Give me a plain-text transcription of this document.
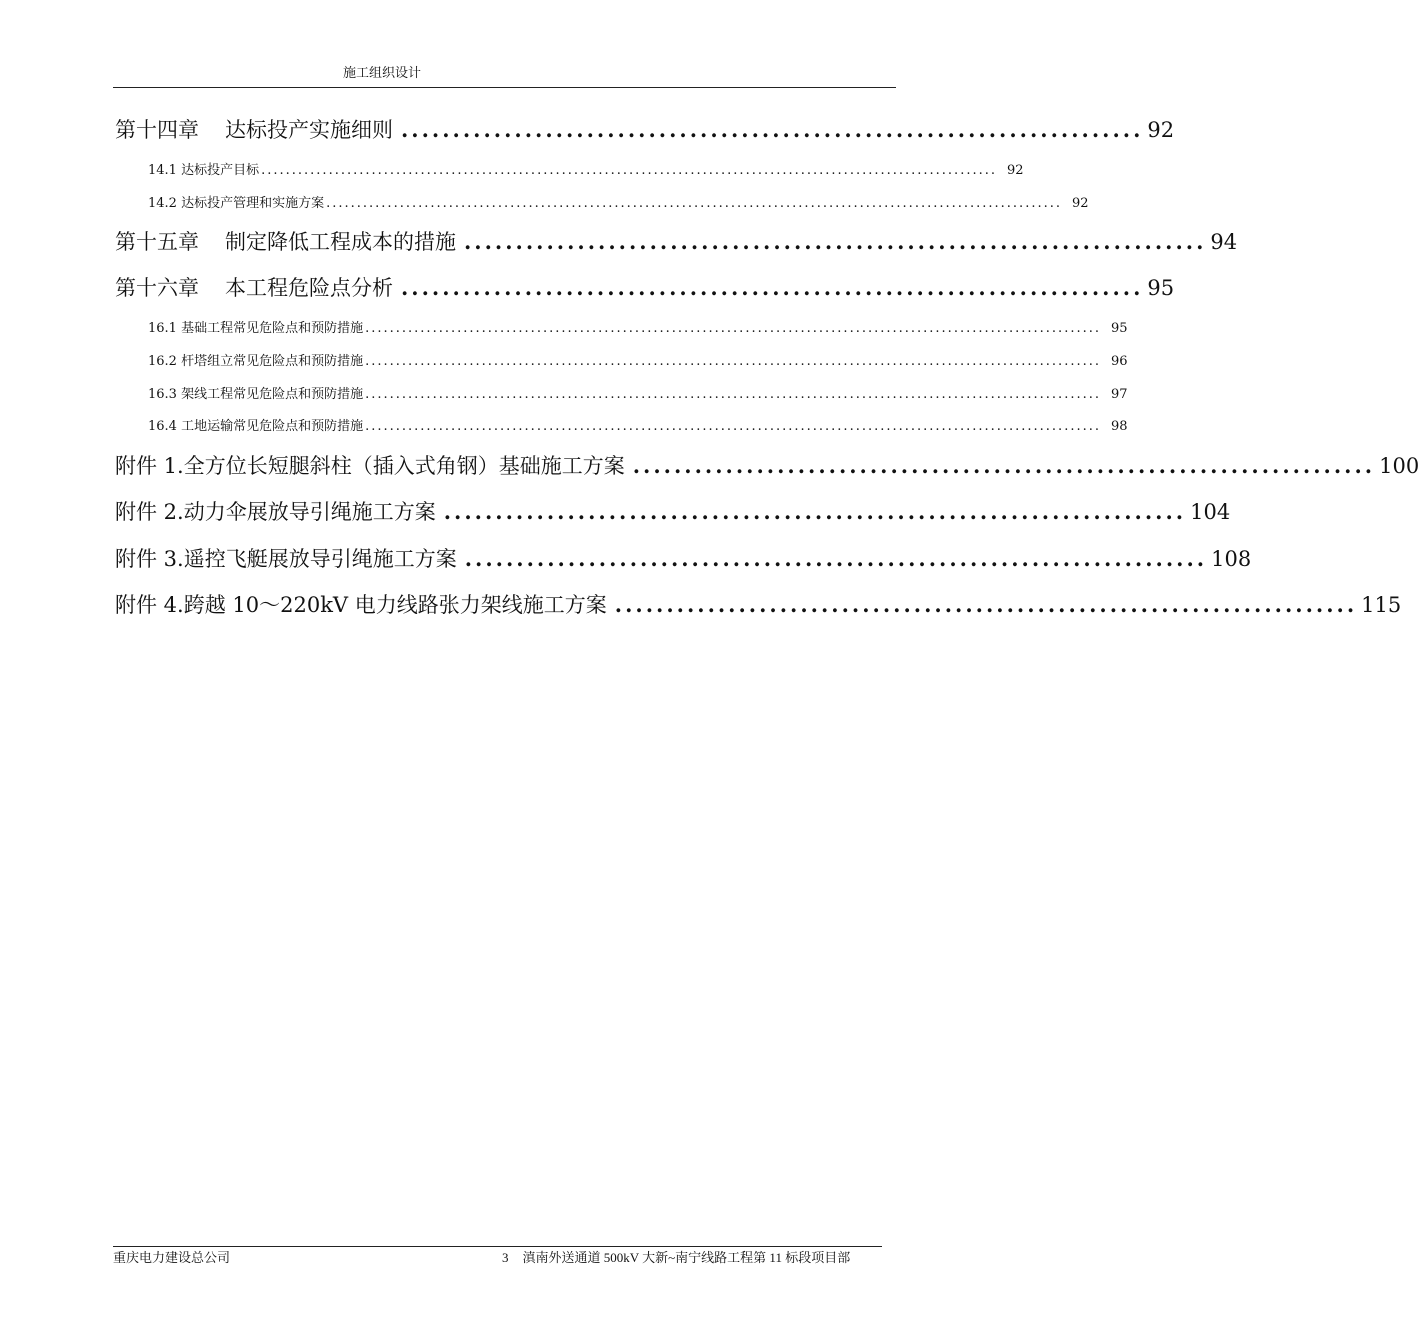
施工组织设计
第十四章 达标投产实施细则 ........................................................................ 92
14.1 达标投产目标 ........................................................................................................................ 92
14.2 达标投产管理和实施方案 ........................................................................................................................ 92
第十五章 制定降低工程成本的措施 ........................................................................ 94
第十六章 本工程危险点分析 ........................................................................ 95
16.1 基础工程常见危险点和预防措施 ........................................................................................................................ 95
16.2 杆塔组立常见危险点和预防措施 ........................................................................................................................ 96
16.3 架线工程常见危险点和预防措施 ........................................................................................................................ 97
16.4 工地运输常见危险点和预防措施 ........................................................................................................................ 98
附件 1.全方位长短腿斜柱（插入式角钢）基础施工方案 ........................................................................ 100
附件 2.动力伞展放导引绳施工方案 ........................................................................ 104
附件 3.遥控飞艇展放导引绳施工方案 ........................................................................ 108
附件 4.跨越 10～220kV 电力线路张力架线施工方案 ........................................................................ 115
重庆电力建设总公司	3 滇南外送通道 500kV 大新~南宁线路工程第 11 标段项目部
